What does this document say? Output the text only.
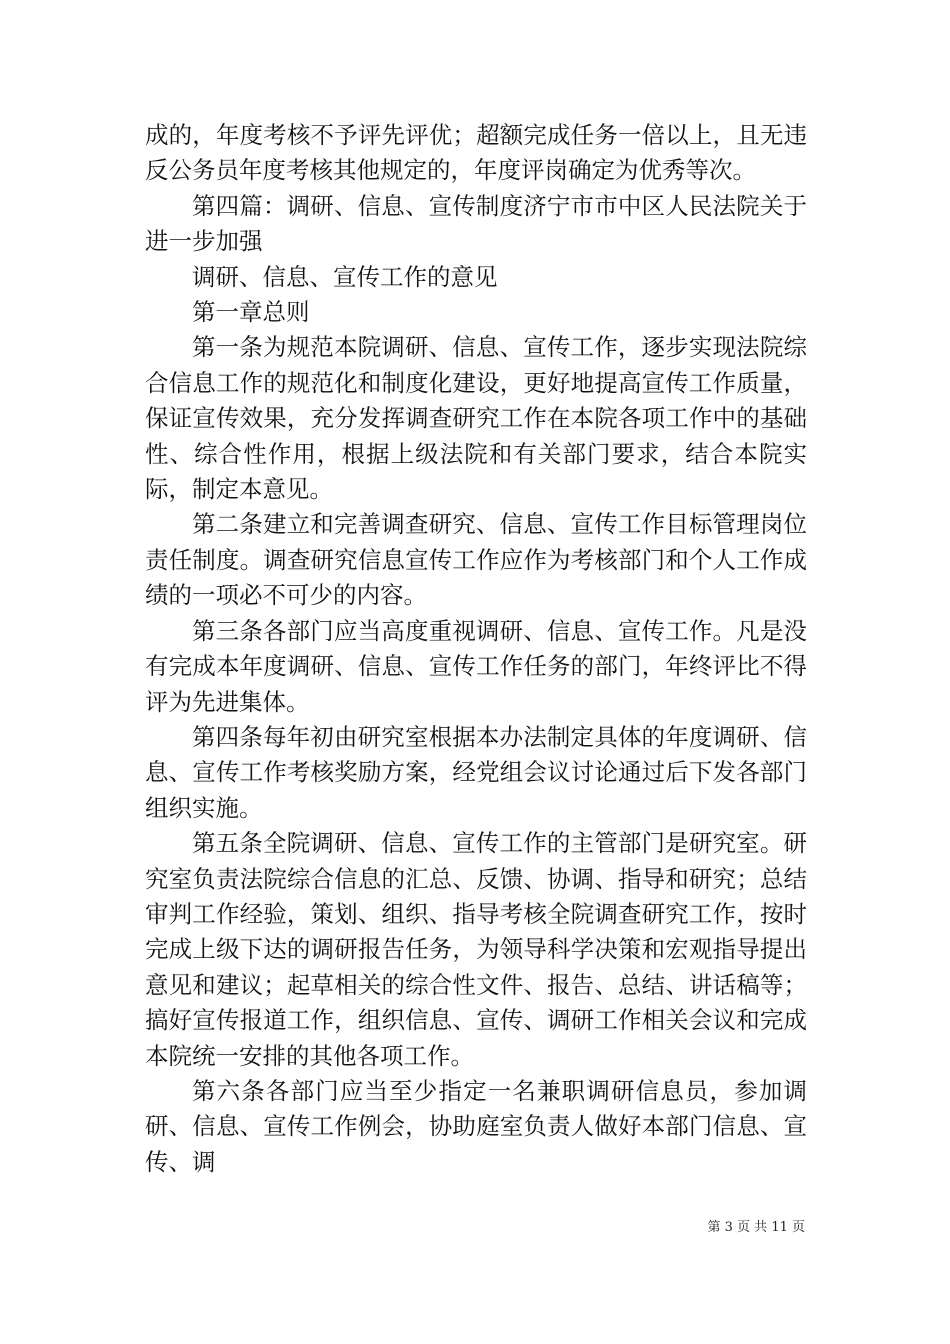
成的，年度考核不予评先评优；超额完成任务一倍以上，且无违反公务员年度考核其他规定的，年度评岗确定为优秀等次。

第四篇：调研、信息、宣传制度济宁市市中区人民法院关于进一步加强

调研、信息、宣传工作的意见

第一章总则

第一条为规范本院调研、信息、宣传工作，逐步实现法院综合信息工作的规范化和制度化建设，更好地提高宣传工作质量，保证宣传效果，充分发挥调查研究工作在本院各项工作中的基础性、综合性作用，根据上级法院和有关部门要求，结合本院实际，制定本意见。

第二条建立和完善调查研究、信息、宣传工作目标管理岗位责任制度。调查研究信息宣传工作应作为考核部门和个人工作成绩的一项必不可少的内容。

第三条各部门应当高度重视调研、信息、宣传工作。凡是没有完成本年度调研、信息、宣传工作任务的部门，年终评比不得评为先进集体。

第四条每年初由研究室根据本办法制定具体的年度调研、信息、宣传工作考核奖励方案，经党组会议讨论通过后下发各部门组织实施。

第五条全院调研、信息、宣传工作的主管部门是研究室。研究室负责法院综合信息的汇总、反馈、协调、指导和研究；总结审判工作经验，策划、组织、指导考核全院调查研究工作，按时完成上级下达的调研报告任务，为领导科学决策和宏观指导提出意见和建议；起草相关的综合性文件、报告、总结、讲话稿等；搞好宣传报道工作，组织信息、宣传、调研工作相关会议和完成本院统一安排的其他各项工作。

第六条各部门应当至少指定一名兼职调研信息员，参加调研、信息、宣传工作例会，协助庭室负责人做好本部门信息、宣传、调

第 3 页 共 11 页
